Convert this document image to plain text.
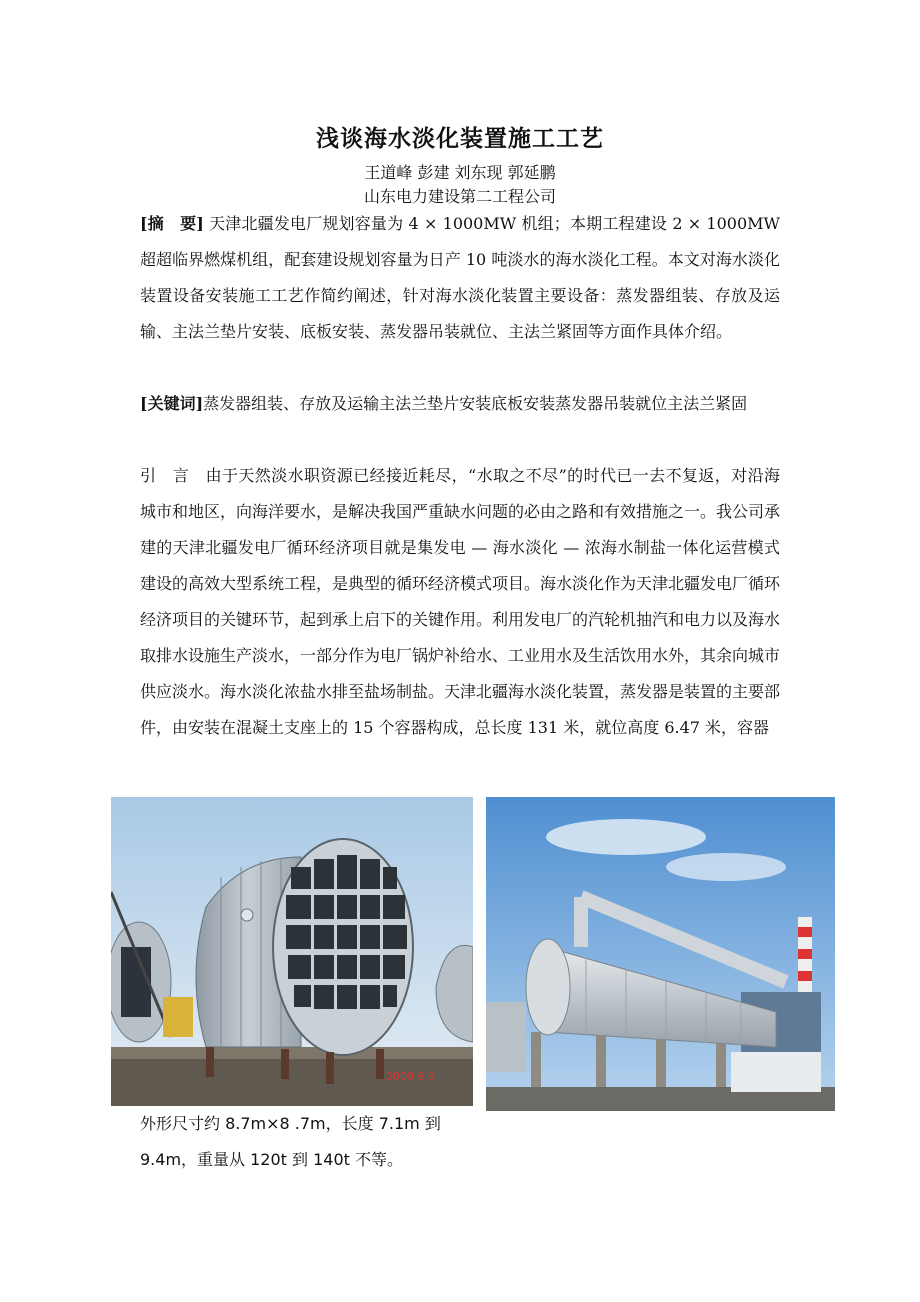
浅谈海水淡化装置施工工艺
王道峰 彭建 刘东现 郭延鹏
山东电力建设第二工程公司

[摘　要] 天津北疆发电厂规划容量为 4 × 1000MW 机组；本期工程建设 2 × 1000MW 超超临界燃煤机组，配套建设规划容量为日产 10 吨淡水的海水淡化工程。本文对海水淡化装置设备安装施工工艺作简约阐述，针对海水淡化装置主要设备：蒸发器组装、存放及运输、主法兰垫片安装、底板安装、蒸发器吊装就位、主法兰紧固等方面作具体介绍。

[关键词]蒸发器组装、存放及运输主法兰垫片安装底板安装蒸发器吊装就位主法兰紧固

引　言　 由于天然淡水职资源已经接近耗尽，“水取之不尽”的时代已一去不复返，对沿海城市和地区，向海洋要水，是解决我国严重缺水问题的必由之路和有效措施之一。我公司承建的天津北疆发电厂循环经济项目就是集发电 — 海水淡化 — 浓海水制盐一体化运营模式建设的高效大型系统工程，是典型的循环经济模式项目。海水淡化作为天津北疆发电厂循环经济项目的关键环节，起到承上启下的关键作用。利用发电厂的汽轮机抽汽和电力以及海水取排水设施生产淡水，一部分作为电厂锅炉补给水、工业用水及生活饮用水外，其余向城市供应淡水。海水淡化浓盐水排至盐场制盐。天津北疆海水淡化装置，蒸发器是装置的主要部件，由安装在混凝土支座上的 15 个容器构成，总长度 131 米，就位高度 6.47 米，容器

2009 6 5
外形尺寸约 8.7m×8 .7m，长度 7.1m 到
9.4m，重量从 120t 到 140t 不等。
